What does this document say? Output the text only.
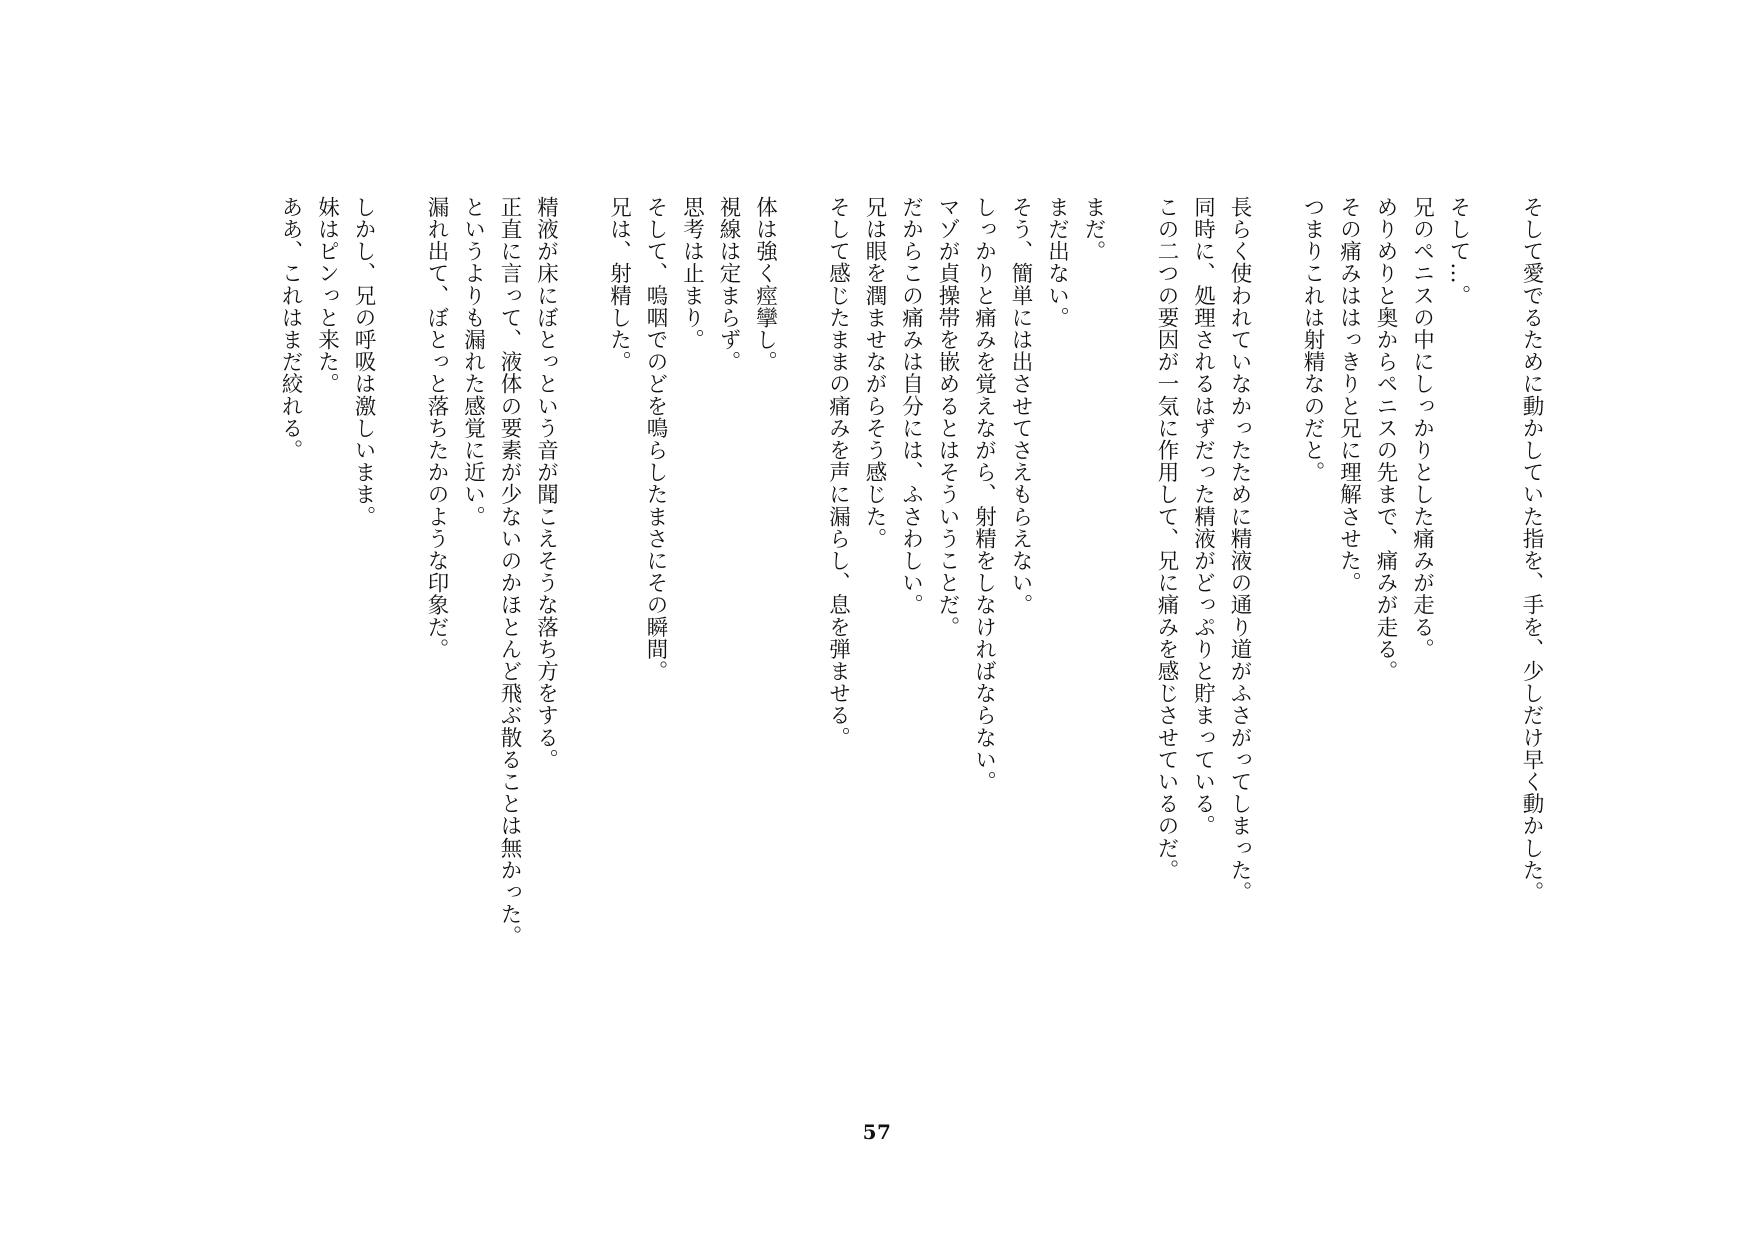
そして愛でるために動かしていた指を、手を、少しだけ早く動かした。

そして…。
兄のペニスの中にしっかりとした痛みが走る。
めりめりと奥からペニスの先まで、痛みが走る。
その痛みははっきりと兄に理解させた。
つまりこれは射精なのだと。

長らく使われていなかったために精液の通り道がふさがってしまった。
同時に、処理されるはずだった精液がどっぷりと貯まっている。
この二つの要因が一気に作用して、兄に痛みを感じさせているのだ。

まだ。
まだ出ない。
そう、簡単には出させてさえもらえない。
しっかりと痛みを覚えながら、射精をしなければならない。
マゾが貞操帯を嵌めるとはそういうことだ。
だからこの痛みは自分には、ふさわしい。
兄は眼を潤ませながらそう感じた。
そして感じたままの痛みを声に漏らし、息を弾ませる。

体は強く痙攣し。
視線は定まらず。
思考は止まり。
そして、嗚咽でのどを鳴らしたまさにその瞬間。
兄は、射精した。

精液が床にぼとっという音が聞こえそうな落ち方をする。
正直に言って、液体の要素が少ないのかほとんど飛ぶ散ることは無かった。
というよりも漏れた感覚に近い。
漏れ出て、ぼとっと落ちたかのような印象だ。

しかし、兄の呼吸は激しいまま。
妹はピンっと来た。
ああ、これはまだ絞れる。
57
